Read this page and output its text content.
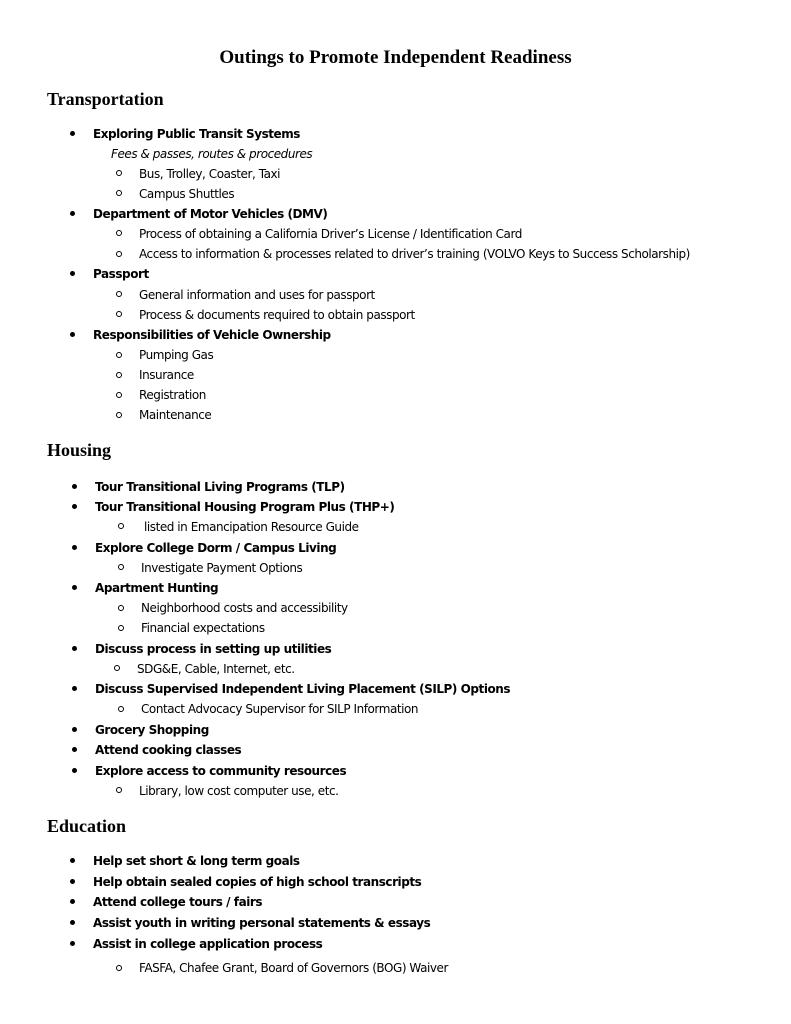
Outings to Promote Independent Readiness
Transportation

Exploring Public Transit Systems

Fees & passes, routes & procedures

Bus, Trolley, Coaster, Taxi

Campus Shuttles

Department of Motor Vehicles (DMV)

Process of obtaining a California Driver’s License / Identification Card

Access to information & processes related to driver’s training (VOLVO Keys to Success Scholarship)

Passport

General information and uses for passport

Process & documents required to obtain passport

Responsibilities of Vehicle Ownership

Pumping Gas

Insurance

Registration

Maintenance

Housing

Tour Transitional Living Programs (TLP)

Tour Transitional Housing Program Plus (THP+)

listed in Emancipation Resource Guide

Explore College Dorm / Campus Living

Investigate Payment Options

Apartment Hunting

Neighborhood costs and accessibility

Financial expectations

Discuss process in setting up utilities

SDG&E, Cable, Internet, etc.

Discuss Supervised Independent Living Placement (SILP) Options

Contact Advocacy Supervisor for SILP Information

Grocery Shopping

Attend cooking classes

Explore access to community resources

Library, low cost computer use, etc.

Education

Help set short & long term goals

Help obtain sealed copies of high school transcripts

Attend college tours / fairs

Assist youth in writing personal statements & essays

Assist in college application process

FASFA, Chafee Grant, Board of Governors (BOG) Waiver
